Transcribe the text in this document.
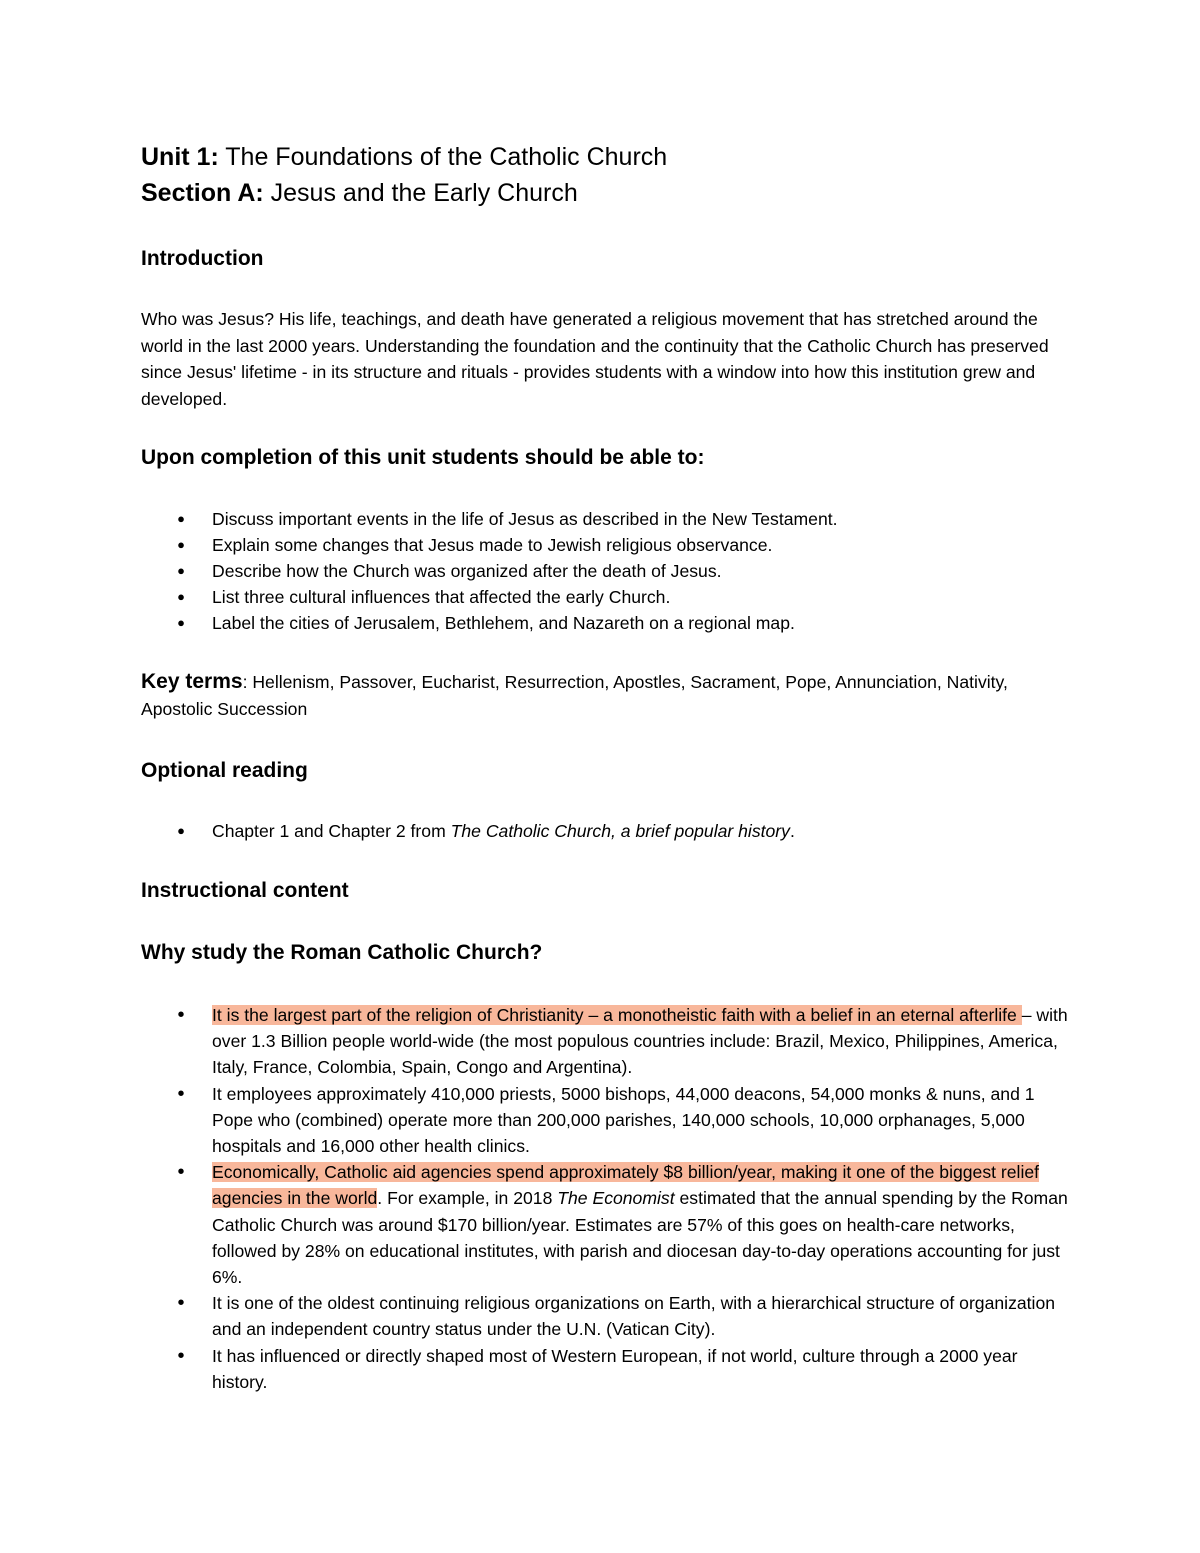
Unit 1: The Foundations of the Catholic Church
Section A: Jesus and the Early Church
Introduction
Who was Jesus? His life, teachings, and death have generated a religious movement that has stretched around the world in the last 2000 years. Understanding the foundation and the continuity that the Catholic Church has preserved since Jesus' lifetime - in its structure and rituals - provides students with a window into how this institution grew and developed.
Upon completion of this unit students should be able to:
● Discuss important events in the life of Jesus as described in the New Testament.
● Explain some changes that Jesus made to Jewish religious observance.
● Describe how the Church was organized after the death of Jesus.
● List three cultural influences that affected the early Church.
● Label the cities of Jerusalem, Bethlehem, and Nazareth on a regional map.
Key terms: Hellenism, Passover, Eucharist, Resurrection, Apostles, Sacrament, Pope, Annunciation, Nativity, Apostolic Succession
Optional reading
● Chapter 1 and Chapter 2 from The Catholic Church, a brief popular history.
Instructional content
Why study the Roman Catholic Church?
• It is the largest part of the religion of Christianity – a monotheistic faith with a belief in an eternal afterlife – with over 1.3 Billion people world-wide (the most populous countries include: Brazil, Mexico, Philippines, America, Italy, France, Colombia, Spain, Congo and Argentina).
• It employees approximately 410,000 priests, 5000 bishops, 44,000 deacons, 54,000 monks & nuns, and 1 Pope who (combined) operate more than 200,000 parishes, 140,000 schools, 10,000 orphanages, 5,000 hospitals and 16,000 other health clinics.
• Economically, Catholic aid agencies spend approximately $8 billion/year, making it one of the biggest relief agencies in the world. For example, in 2018 The Economist estimated that the annual spending by the Roman Catholic Church was around $170 billion/year. Estimates are 57% of this goes on health-care networks, followed by 28% on educational institutes, with parish and diocesan day-to-day operations accounting for just 6%.
• It is one of the oldest continuing religious organizations on Earth, with a hierarchical structure of organization and an independent country status under the U.N. (Vatican City).
• It has influenced or directly shaped most of Western European, if not world, culture through a 2000 year history.
